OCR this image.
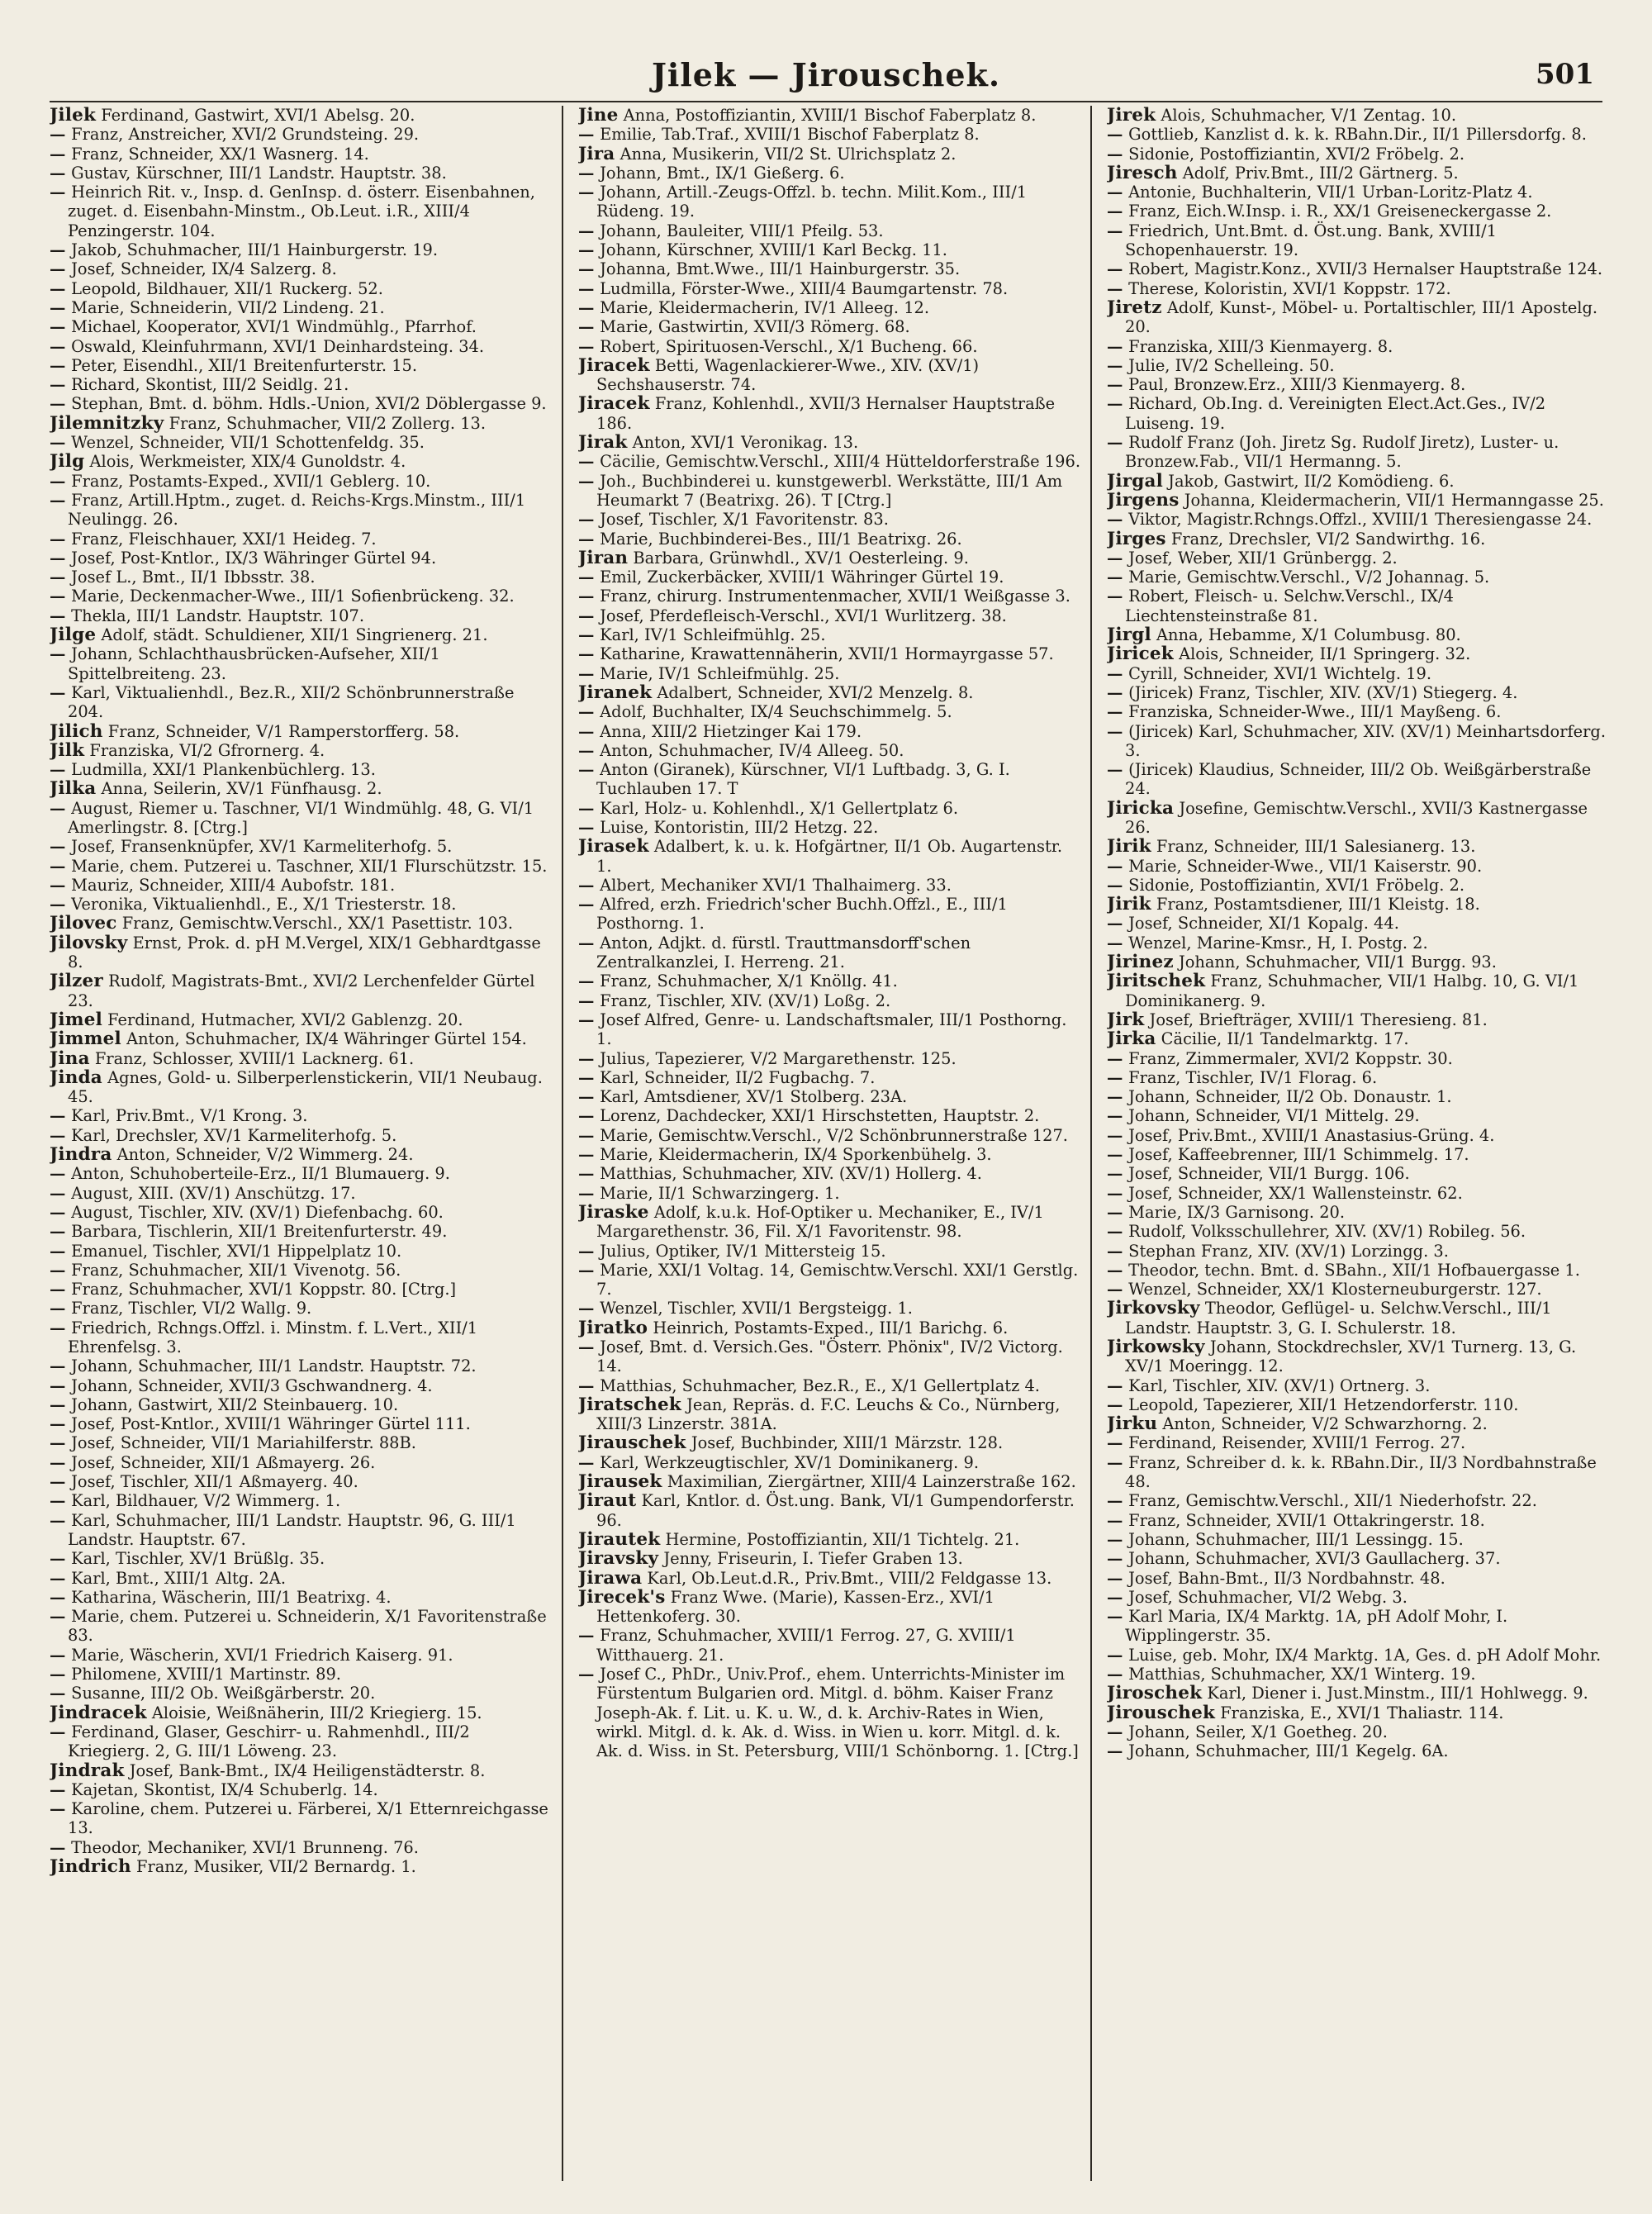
Jilek — Jirouschek.	501
Jilek Ferdinand, Gastwirt, XVI/1 Abelsg. 20.
— Franz, Anstreicher, XVI/2 Grundsteing. 29.
— Franz, Schneider, XX/1 Wasnerg. 14.
— Gustav, Kürschner, III/1 Landstr. Hauptstr. 38.
— Heinrich Rit. v., Insp. d. GenInsp. d. österr. Eisenbahnen, zuget. d. Eisenbahn-Minstm., Ob.Leut. i.R., XIII/4 Penzingerstr. 104.
— Jakob, Schuhmacher, III/1 Hainburgerstr. 19.
— Josef, Schneider, IX/4 Salzerg. 8.
— Leopold, Bildhauer, XII/1 Ruckerg. 52.
— Marie, Schneiderin, VII/2 Lindeng. 21.
— Michael, Kooperator, XVI/1 Windmühlg., Pfarrhof.
— Oswald, Kleinfuhrmann, XVI/1 Deinhardsteing. 34.
— Peter, Eisendhl., XII/1 Breitenfurterstr. 15.
— Richard, Skontist, III/2 Seidlg. 21.
— Stephan, Bmt. d. böhm. Hdls.-Union, XVI/2 Döblergasse 9.
Jilemnitzky Franz, Schuhmacher, VII/2 Zollerg. 13.
— Wenzel, Schneider, VII/1 Schottenfeldg. 35.
Jilg Alois, Werkmeister, XIX/4 Gunoldstr. 4.
— Franz, Postamts-Exped., XVII/1 Geblerg. 10.
— Franz, Artill.Hptm., zuget. d. Reichs-Krgs.Minstm., III/1 Neulingg. 26.
— Franz, Fleischhauer, XXI/1 Heideg. 7.
— Josef, Post-Kntlor., IX/3 Währinger Gürtel 94.
— Josef L., Bmt., II/1 Ibbsstr. 38.
— Marie, Deckenmacher-Wwe., III/1 Sofienbrückeng. 32.
— Thekla, III/1 Landstr. Hauptstr. 107.
Jilge Adolf, städt. Schuldiener, XII/1 Singrienerg. 21.
— Johann, Schlachthausbrücken-Aufseher, XII/1 Spittelbreiteng. 23.
— Karl, Viktualienhdl., Bez.R., XII/2 Schönbrunnerstraße 204.
Jilich Franz, Schneider, V/1 Ramperstorfferg. 58.
Jilk Franziska, VI/2 Gfrornerg. 4.
— Ludmilla, XXI/1 Plankenbüchlerg. 13.
Jilka Anna, Seilerin, XV/1 Fünfhausg. 2.
— August, Riemer u. Taschner, VI/1 Windmühlg. 48, G. VI/1 Amerlingstr. 8. [Ctrg.]
— Josef, Fransenknüpfer, XV/1 Karmeliterhofg. 5.
— Marie, chem. Putzerei u. Taschner, XII/1 Flurschützstr. 15.
— Mauriz, Schneider, XIII/4 Aubofstr. 181.
— Veronika, Viktualienhdl., E., X/1 Triesterstr. 18.
Jilovec Franz, Gemischtw.Verschl., XX/1 Pasettistr. 103.
Jilovsky Ernst, Prok. d. pH M.Vergel, XIX/1 Gebhardtgasse 8.
Jilzer Rudolf, Magistrats-Bmt., XVI/2 Lerchenfelder Gürtel 23.
Jimel Ferdinand, Hutmacher, XVI/2 Gablenzg. 20.
Jimmel Anton, Schuhmacher, IX/4 Währinger Gürtel 154.
Jina Franz, Schlosser, XVIII/1 Lacknerg. 61.
Jinda Agnes, Gold- u. Silberperlenstickerin, VII/1 Neubaug. 45.
— Karl, Priv.Bmt., V/1 Krong. 3.
— Karl, Drechsler, XV/1 Karmeliterhofg. 5.
Jindra Anton, Schneider, V/2 Wimmerg. 24.
— Anton, Schuhoberteile-Erz., II/1 Blumauerg. 9.
— August, XIII. (XV/1) Anschützg. 17.
— August, Tischler, XIV. (XV/1) Diefenbachg. 60.
— Barbara, Tischlerin, XII/1 Breitenfurterstr. 49.
— Emanuel, Tischler, XVI/1 Hippelplatz 10.
— Franz, Schuhmacher, XII/1 Vivenotg. 56.
— Franz, Schuhmacher, XVI/1 Koppstr. 80. [Ctrg.]
— Franz, Tischler, VI/2 Wallg. 9.
— Friedrich, Rchngs.Offzl. i. Minstm. f. L.Vert., XII/1 Ehrenfelsg. 3.
— Johann, Schuhmacher, III/1 Landstr. Hauptstr. 72.
— Johann, Schneider, XVII/3 Gschwandnerg. 4.
— Johann, Gastwirt, XII/2 Steinbauerg. 10.
— Josef, Post-Kntlor., XVIII/1 Währinger Gürtel 111.
— Josef, Schneider, VII/1 Mariahilferstr. 88B.
— Josef, Schneider, XII/1 Aßmayerg. 26.
— Josef, Tischler, XII/1 Aßmayerg. 40.
— Karl, Bildhauer, V/2 Wimmerg. 1.
— Karl, Schuhmacher, III/1 Landstr. Hauptstr. 96, G. III/1 Landstr. Hauptstr. 67.
— Karl, Tischler, XV/1 Brüßlg. 35.
— Karl, Bmt., XIII/1 Altg. 2A.
— Katharina, Wäscherin, III/1 Beatrixg. 4.
— Marie, chem. Putzerei u. Schneiderin, X/1 Favoritenstraße 83.
— Marie, Wäscherin, XVI/1 Friedrich Kaiserg. 91.
— Philomene, XVIII/1 Martinstr. 89.
— Susanne, III/2 Ob. Weißgärberstr. 20.
Jindracek Aloisie, Weißnäherin, III/2 Kriegierg. 15.
— Ferdinand, Glaser, Geschirr- u. Rahmenhdl., III/2 Kriegierg. 2, G. III/1 Löweng. 23.
Jindrak Josef, Bank-Bmt., IX/4 Heiligenstädterstr. 8.
— Kajetan, Skontist, IX/4 Schuberlg. 14.
— Karoline, chem. Putzerei u. Färberei, X/1 Etternreichgasse 13.
— Theodor, Mechaniker, XVI/1 Brunneng. 76.
Jindrich Franz, Musiker, VII/2 Bernardg. 1.
Jine Anna, Postoffiziantin, XVIII/1 Bischof Faberplatz 8.
— Emilie, Tab.Traf., XVIII/1 Bischof Faberplatz 8.
Jira Anna, Musikerin, VII/2 St. Ulrichsplatz 2.
— Johann, Bmt., IX/1 Gießerg. 6.
— Johann, Artill.-Zeugs-Offzl. b. techn. Milit.Kom., III/1 Rüdeng. 19.
— Johann, Bauleiter, VIII/1 Pfeilg. 53.
— Johann, Kürschner, XVIII/1 Karl Beckg. 11.
— Johanna, Bmt.Wwe., III/1 Hainburgerstr. 35.
— Ludmilla, Förster-Wwe., XIII/4 Baumgartenstr. 78.
— Marie, Kleidermacherin, IV/1 Alleeg. 12.
— Marie, Gastwirtin, XVII/3 Römerg. 68.
— Robert, Spirituosen-Verschl., X/1 Bucheng. 66.
Jiracek Betti, Wagenlackierer-Wwe., XIV. (XV/1) Sechshauserstr. 74.
Jiracek Franz, Kohlenhdl., XVII/3 Hernalser Hauptstraße 186.
Jirak Anton, XVI/1 Veronikag. 13.
— Cäcilie, Gemischtw.Verschl., XIII/4 Hütteldorferstraße 196.
— Joh., Buchbinderei u. kunstgewerbl. Werkstätte, III/1 Am Heumarkt 7 (Beatrixg. 26). T [Ctrg.]
— Josef, Tischler, X/1 Favoritenstr. 83.
— Marie, Buchbinderei-Bes., III/1 Beatrixg. 26.
Jiran Barbara, Grünwhdl., XV/1 Oesterleing. 9.
— Emil, Zuckerbäcker, XVIII/1 Währinger Gürtel 19.
— Franz, chirurg. Instrumentenmacher, XVII/1 Weißgasse 3.
— Josef, Pferdefleisch-Verschl., XVI/1 Wurlitzerg. 38.
— Karl, IV/1 Schleifmühlg. 25.
— Katharine, Krawattennäherin, XVII/1 Hormayrgasse 57.
— Marie, IV/1 Schleifmühlg. 25.
Jiranek Adalbert, Schneider, XVI/2 Menzelg. 8.
— Adolf, Buchhalter, IX/4 Seuchschimmelg. 5.
— Anna, XIII/2 Hietzinger Kai 179.
— Anton, Schuhmacher, IV/4 Alleeg. 50.
— Anton (Giranek), Kürschner, VI/1 Luftbadg. 3, G. I. Tuchlauben 17. T
— Karl, Holz- u. Kohlenhdl., X/1 Gellertplatz 6.
— Luise, Kontoristin, III/2 Hetzg. 22.
Jirasek Adalbert, k. u. k. Hofgärtner, II/1 Ob. Augartenstr. 1.
— Albert, Mechaniker XVI/1 Thalhaimerg. 33.
— Alfred, erzh. Friedrich'scher Buchh.Offzl., E., III/1 Posthorng. 1.
— Anton, Adjkt. d. fürstl. Trauttmansdorff'schen Zentralkanzlei, I. Herreng. 21.
— Franz, Schuhmacher, X/1 Knöllg. 41.
— Franz, Tischler, XIV. (XV/1) Loßg. 2.
— Josef Alfred, Genre- u. Landschaftsmaler, III/1 Posthorng. 1.
— Julius, Tapezierer, V/2 Margarethenstr. 125.
— Karl, Schneider, II/2 Fugbachg. 7.
— Karl, Amtsdiener, XV/1 Stolberg. 23A.
— Lorenz, Dachdecker, XXI/1 Hirschstetten, Hauptstr. 2.
— Marie, Gemischtw.Verschl., V/2 Schönbrunnerstraße 127.
— Marie, Kleidermacherin, IX/4 Sporkenbühelg. 3.
— Matthias, Schuhmacher, XIV. (XV/1) Hollerg. 4.
— Marie, II/1 Schwarzingerg. 1.
Jiraske Adolf, k.u.k. Hof-Optiker u. Mechaniker, E., IV/1 Margarethenstr. 36, Fil. X/1 Favoritenstr. 98.
— Julius, Optiker, IV/1 Mittersteig 15.
— Marie, XXI/1 Voltag. 14, Gemischtw.Verschl. XXI/1 Gerstlg. 7.
— Wenzel, Tischler, XVII/1 Bergsteigg. 1.
Jiratko Heinrich, Postamts-Exped., III/1 Barichg. 6.
— Josef, Bmt. d. Versich.Ges. "Österr. Phönix", IV/2 Victorg. 14.
— Matthias, Schuhmacher, Bez.R., E., X/1 Gellertplatz 4.
Jiratschek Jean, Repräs. d. F.C. Leuchs & Co., Nürnberg, XIII/3 Linzerstr. 381A.
Jirauschek Josef, Buchbinder, XIII/1 Märzstr. 128.
— Karl, Werkzeugtischler, XV/1 Dominikanerg. 9.
Jirausek Maximilian, Ziergärtner, XIII/4 Lainzerstraße 162.
Jiraut Karl, Kntlor. d. Öst.ung. Bank, VI/1 Gumpendorferstr. 96.
Jirautek Hermine, Postoffiziantin, XII/1 Tichtelg. 21.
Jiravsky Jenny, Friseurin, I. Tiefer Graben 13.
Jirawa Karl, Ob.Leut.d.R., Priv.Bmt., VIII/2 Feldgasse 13.
Jirecek's Franz Wwe. (Marie), Kassen-Erz., XVI/1 Hettenkoferg. 30.
— Franz, Schuhmacher, XVIII/1 Ferrog. 27, G. XVIII/1 Witthauerg. 21.
— Josef C., PhDr., Univ.Prof., ehem. Unterrichts-Minister im Fürstentum Bulgarien ord. Mitgl. d. böhm. Kaiser Franz Joseph-Ak. f. Lit. u. K. u. W., d. k. Archiv-Rates in Wien, wirkl. Mitgl. d. k. Ak. d. Wiss. in Wien u. korr. Mitgl. d. k. Ak. d. Wiss. in St. Petersburg, VIII/1 Schönborng. 1. [Ctrg.]
Jirek Alois, Schuhmacher, V/1 Zentag. 10.
— Gottlieb, Kanzlist d. k. k. RBahn.Dir., II/1 Pillersdorfg. 8.
— Sidonie, Postoffiziantin, XVI/2 Fröbelg. 2.
Jiresch Adolf, Priv.Bmt., III/2 Gärtnerg. 5.
— Antonie, Buchhalterin, VII/1 Urban-Loritz-Platz 4.
— Franz, Eich.W.Insp. i. R., XX/1 Greiseneckergasse 2.
— Friedrich, Unt.Bmt. d. Öst.ung. Bank, XVIII/1 Schopenhauerstr. 19.
— Robert, Magistr.Konz., XVII/3 Hernalser Hauptstraße 124.
— Therese, Koloristin, XVI/1 Koppstr. 172.
Jiretz Adolf, Kunst-, Möbel- u. Portaltischler, III/1 Apostelg. 20.
— Franziska, XIII/3 Kienmayerg. 8.
— Julie, IV/2 Schellei̇ng. 50.
— Paul, Bronzew.Erz., XIII/3 Kienmayerg. 8.
— Richard, Ob.Ing. d. Vereinigten Elect.Act.Ges., IV/2 Luiseng. 19.
— Rudolf Franz (Joh. Jiretz Sg. Rudolf Jiretz), Luster- u. Bronzew.Fab., VII/1 Hermanng. 5.
Jirgal Jakob, Gastwirt, II/2 Komödieng. 6.
Jirgens Johanna, Kleidermacherin, VII/1 Hermanngasse 25.
— Viktor, Magistr.Rchngs.Offzl., XVIII/1 Theresiengasse 24.
Jirges Franz, Drechsler, VI/2 Sandwirthg. 16.
— Josef, Weber, XII/1 Grünbergg. 2.
— Marie, Gemischtw.Verschl., V/2 Johannag. 5.
— Robert, Fleisch- u. Selchw.Verschl., IX/4 Liechtensteinstraße 81.
Jirgl Anna, Hebamme, X/1 Columbusg. 80.
Jiricek Alois, Schneider, II/1 Springerg. 32.
— Cyrill, Schneider, XVI/1 Wichtelg. 19.
— (Jiricek) Franz, Tischler, XIV. (XV/1) Stiegerg. 4.
— Franziska, Schneider-Wwe., III/1 Mayßeng. 6.
— (Jiricek) Karl, Schuhmacher, XIV. (XV/1) Meinhartsdorferg. 3.
— (Jiricek) Klaudius, Schneider, III/2 Ob. Weißgärberstraße 24.
Jiricka Josefine, Gemischtw.Verschl., XVII/3 Kastnergasse 26.
Jirik Franz, Schneider, III/1 Salesianerg. 13.
— Marie, Schneider-Wwe., VII/1 Kaiserstr. 90.
— Sidonie, Postoffiziantin, XVI/1 Fröbelg. 2.
Jirik Franz, Postamtsdiener, III/1 Kleistg. 18.
— Josef, Schneider, XI/1 Kopalg. 44.
— Wenzel, Marine-Kmsr., H, I. Postg. 2.
Jirinez Johann, Schuhmacher, VII/1 Burgg. 93.
Jiritschek Franz, Schuhmacher, VII/1 Halbg. 10, G. VI/1 Dominikanerg. 9.
Jirk Josef, Briefträger, XVIII/1 Theresieng. 81.
Jirka Cäcilie, II/1 Tandelmarktg. 17.
— Franz, Zimmermaler, XVI/2 Koppstr. 30.
— Franz, Tischler, IV/1 Florag. 6.
— Johann, Schneider, II/2 Ob. Donaustr. 1.
— Johann, Schneider, VI/1 Mittelg. 29.
— Josef, Priv.Bmt., XVIII/1 Anastasius-Grüng. 4.
— Josef, Kaffeebrenner, III/1 Schimmelg. 17.
— Josef, Schneider, VII/1 Burgg. 106.
— Josef, Schneider, XX/1 Wallensteinstr. 62.
— Marie, IX/3 Garnisong. 20.
— Rudolf, Volksschullehrer, XIV. (XV/1) Robileg. 56.
— Stephan Franz, XIV. (XV/1) Lorzingg. 3.
— Theodor, techn. Bmt. d. SBahn., XII/1 Hofbauergasse 1.
— Wenzel, Schneider, XX/1 Klosterneuburgerstr. 127.
Jirkovsky Theodor, Geflügel- u. Selchw.Verschl., III/1 Landstr. Hauptstr. 3, G. I. Schulerstr. 18.
Jirkowsky Johann, Stockdrechsler, XV/1 Turnerg. 13, G. XV/1 Moeringg. 12.
— Karl, Tischler, XIV. (XV/1) Ortnerg. 3.
— Leopold, Tapezierer, XII/1 Hetzendorferstr. 110.
Jirku Anton, Schneider, V/2 Schwarzhorng. 2.
— Ferdinand, Reisender, XVIII/1 Ferrog. 27.
— Franz, Schreiber d. k. k. RBahn.Dir., II/3 Nordbahnstraße 48.
— Franz, Gemischtw.Verschl., XII/1 Niederhofstr. 22.
— Franz, Schneider, XVII/1 Ottakringerstr. 18.
— Johann, Schuhmacher, III/1 Lessingg. 15.
— Johann, Schuhmacher, XVI/3 Gaullacherg. 37.
— Josef, Bahn-Bmt., II/3 Nordbahnstr. 48.
— Josef, Schuhmacher, VI/2 Webg. 3.
— Karl Maria, IX/4 Marktg. 1A, pH Adolf Mohr, I. Wipplingerstr. 35.
— Luise, geb. Mohr, IX/4 Marktg. 1A, Ges. d. pH Adolf Mohr.
— Matthias, Schuhmacher, XX/1 Winterg. 19.
Jiroschek Karl, Diener i. Just.Minstm., III/1 Hohlwegg. 9.
Jirouschek Franziska, E., XVI/1 Thaliastr. 114.
— Johann, Seiler, X/1 Goetheg. 20.
— Johann, Schuhmacher, III/1 Kegelg. 6A.
